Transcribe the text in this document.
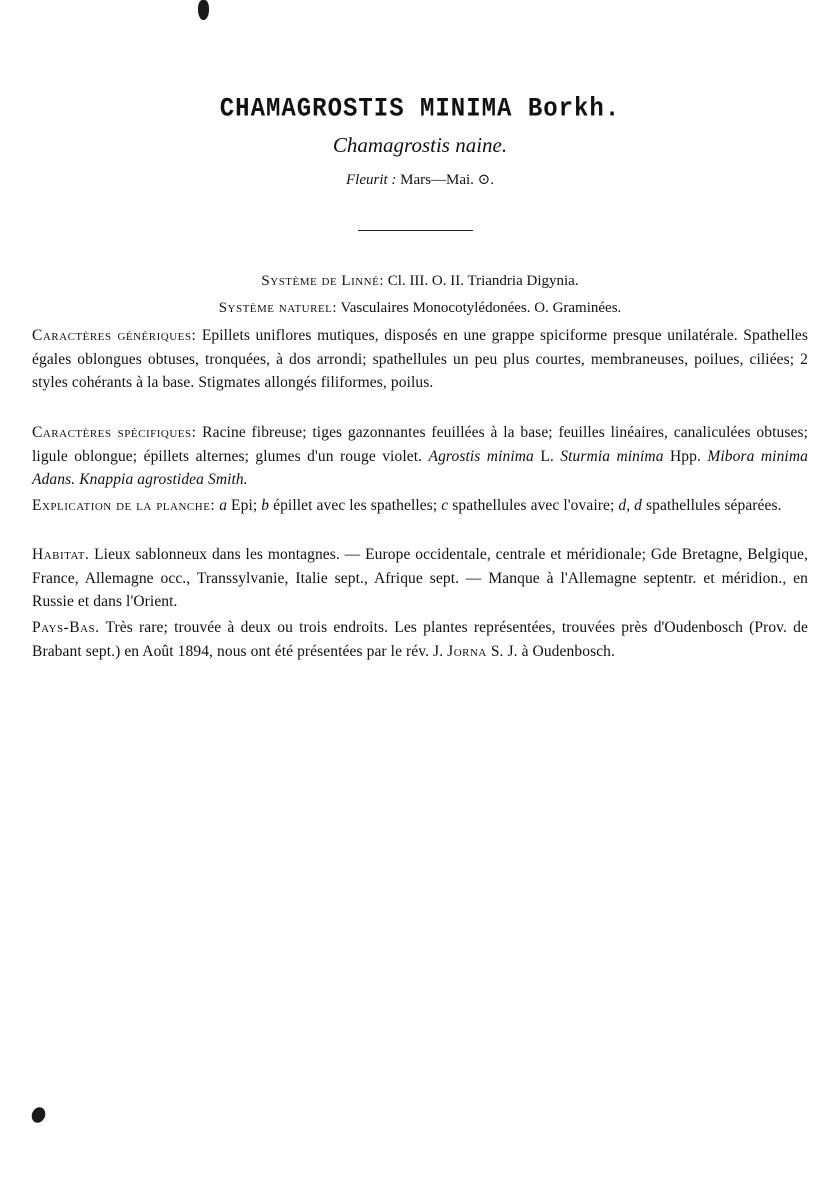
CHAMAGROSTIS MINIMA Borkh.
Chamagrostis naine.
Fleurit : Mars—Mai. ⊙.
Système de Linné: Cl. III. O. II. Triandria Digynia.
Système naturel: Vasculaires Monocotylédonées. O. Graminées.
Caractères génériques: Epillets uniflores mutiques, disposés en une grappe spiciforme presque unilatérale. Spathelles égales oblongues obtuses, tronquées, à dos arrondi; spathellules un peu plus courtes, membraneuses, poilues, ciliées; 2 styles cohérants à la base. Stigmates allongés filiformes, poilus.
Caractères spécifiques: Racine fibreuse; tiges gazonnantes feuillées à la base; feuilles linéaires, canaliculées obtuses; ligule oblongue; épillets alternes; glumes d'un rouge violet. Agrostis minima L. Sturmia minima Hpp. Mibora minima Adans. Knappia agrostidea Smith.
Explication de la planche: a Epi; b épillet avec les spathelles; c spathellules avec l'ovaire; d, d spathellules séparées.
Habitat. Lieux sablonneux dans les montagnes. — Europe occidentale, centrale et méridionale; Gde Bretagne, Belgique, France, Allemagne occ., Transsylvanie, Italie sept., Afrique sept. — Manque à l'Allemagne septentr. et méridion., en Russie et dans l'Orient.
Pays-Bas. Très rare; trouvée à deux ou trois endroits. Les plantes représentées, trouvées près d'Oudenbosch (Prov. de Brabant sept.) en Août 1894, nous ont été présentées par le rév. J. Jorna S. J. à Oudenbosch.
